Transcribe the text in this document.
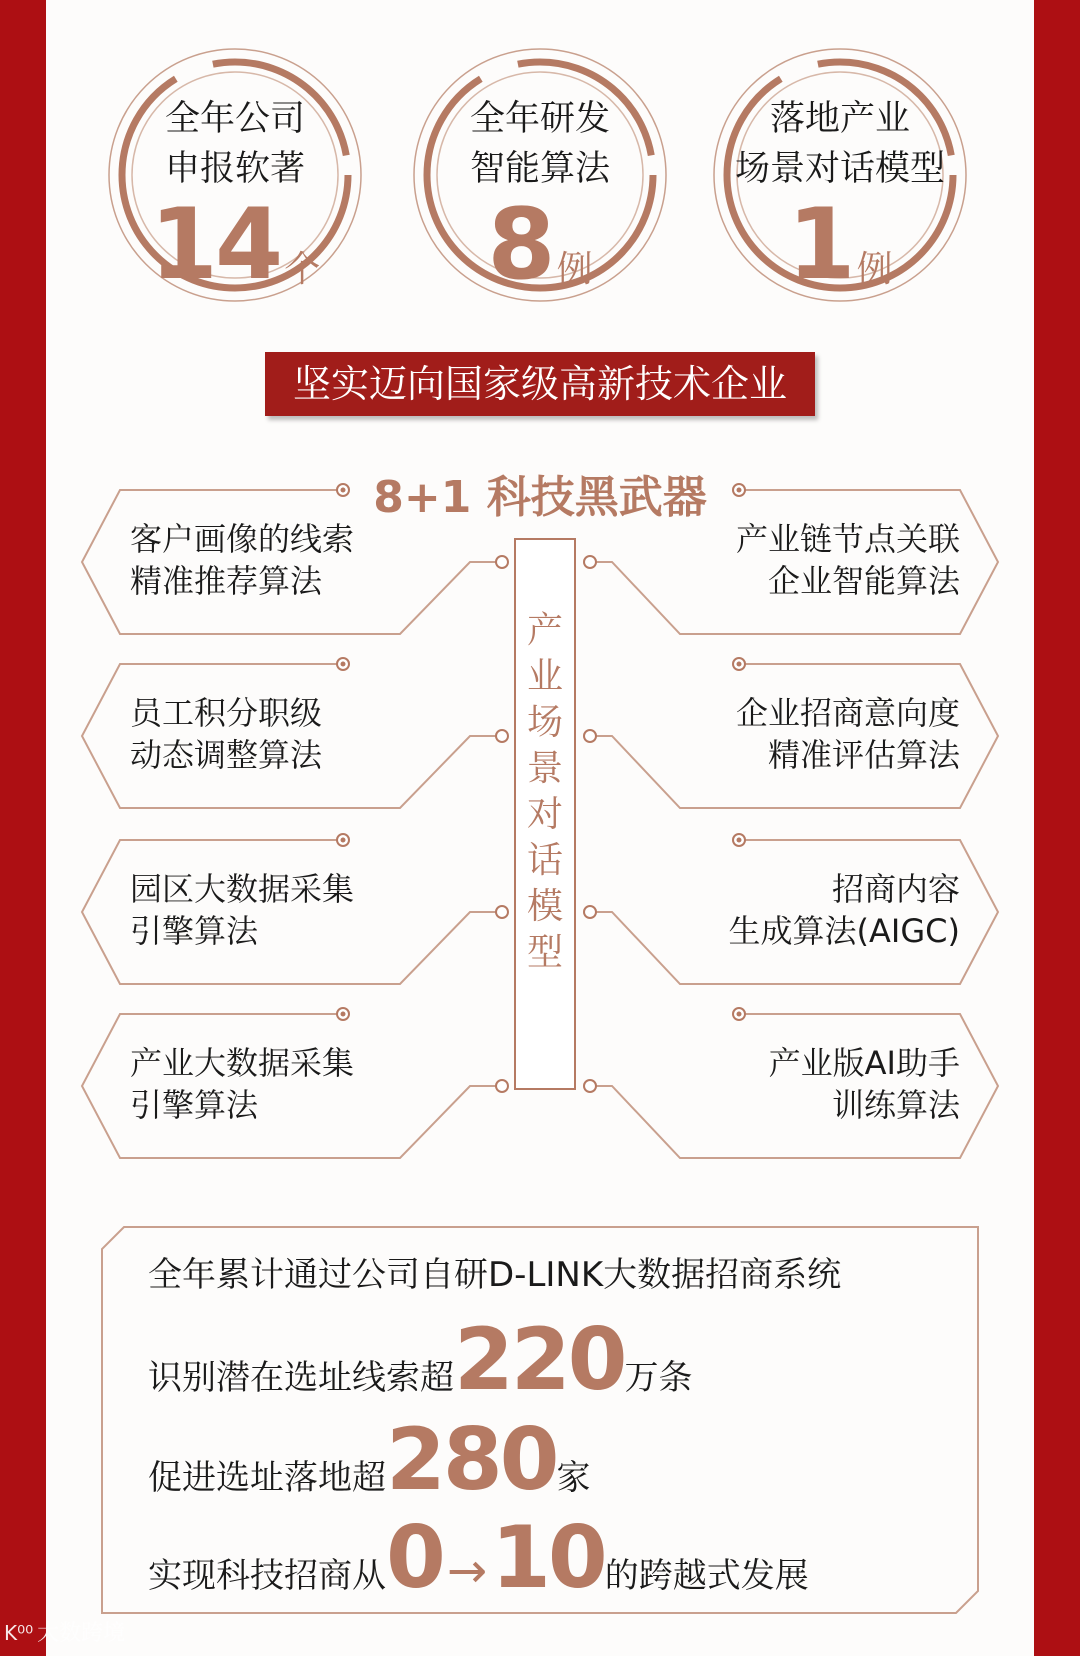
全年公司
申报软著
14 个
全年研发
智能算法
8 例
落地产业
场景对话模型
1 例
坚实迈向国家级高新技术企业
8+1 科技黑武器
产
业
场
景
对
话
模
型
客户画像的线索
精准推荐算法
员工积分职级
动态调整算法
园区大数据采集
引擎算法
产业大数据采集
引擎算法
产业链节点关联
企业智能算法
企业招商意向度
精准评估算法
招商内容
生成算法(AIGC)
产业版AI助手
训练算法
全年累计通过公司自研D-LINK大数据招商系统
识别潜在选址线索超220万条
促进选址落地超280家
实现科技招商从0→10的跨越式发展
K⁰⁰ 大数跨境
